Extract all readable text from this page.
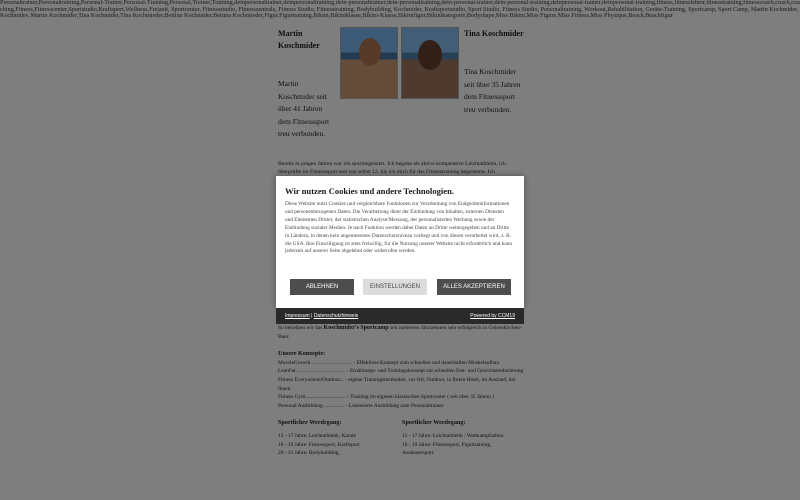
Personaltrainer,Personaltraining,Personal-Trainer,Personal-Training,Personal,Trainer,Training,deinpersonaltrainer,deinpersonaltraining,dein-personaltrainer,dein-personaltraining,dein-personal-trainer,dein-personal-training,deinpersonal-trainer,deinpersonal-training,fitness,fitnesslehrer,fitnesstraining,fitnesscoach,coach,coaching,Fitness,Fitnesscenter,Sportstudio,Kraftsport,Wellness,Freizeit, Sportcenter, Fitnessstudio, Fitnesszentrale, Fitness Studio, Fitnesstraining, Bodybuilding, Kochmider, Kraftsportstudio, Sport Studio, Fitness Studio, Personaltraining, Workout,Rehabilitation, Geräte-Training, Sportcamp, Sport Camp, Martin Kochmider, Kochmider, Martin Kochmider,Tina Kochmider,Tina Kochmieder,Bettina Kochmider,Bettina Kochmieder,Figur,Figurtraining,Bikini,Bikiniklasse,Bikini-Klasse,Bikinifigur,Bikinikategorie,Bodyshape,Miss Bikini,Miss Figure,Miss Fitness,Miss Physique,Beach,Beachfigur
Martin Koschmider
Martin Koschmider seit über 41 Jahren dem Fitnesssport treu verbunden.
Tina Koschmider
Tina Koschmider seit über 35 Jahren dem Fitnesssport treu verbunden.
Bereits in jungen Jahren war ich sportbegeistert. Ich begann als aktive kompetative Leichtathletin, ich überprüfte im Fitnesssport und war selbst 12. bis ich mich für das Fitnesstraining begeisterte. Ich
So betreiben wir das Koschmider's Sportcamp seit mehreren Jahrzehnten sehr erfolgreich in Gelsenkirchen- Buer.
Unsere Konzepte:
MuscleGrowth............................... - Effektives Konzept zum schnellen und dauerhaften Muskelaufbau
LeanFat..................................... - Ernährungs- und Trainingskonzept zur schnellen Fett- und Gewichtsreduzierung
Fitness Everywhere/Outdoor... - eigene Trainingsmethoden, vor Ort, Outdoor, in Ihrem Hotel, im Ausland, bei Ihnen.
Fitness Gym.............................. - Training im eigenen klassischen Sportcenter ( seit über 35 Jahren )
Personal Ausbildung ............... - Lizensierte Ausbildung zum Personaltrainer
Sportlicher Werdegang:	Sportlicher Werdegang:
12 - 17 Jahre: Leichtathletik, Karate	12 - 17 Jahre: Leichtathletik / Wettkampfsaltou
18 - 19 Jahre: Fitnesssport, Kraftsport	18 - 19 Jahre: Fitnesssport, Figurtraining,
20 - 31 Jahre: Bodybuilding,	Ausdauersport
Wir nutzen Cookies und andere Technologien.

Diese Website nutzt Cookies und vergleichbare Funktionen zur Verarbeitung von Endgeräteinformationen und personenbezogenen Daten. Die Verarbeitung dient der Einbindung von Inhalten, externen Diensten und Elementen Dritter, der statistischen Analyse/Messung, der personalisierten Werbung sowie der Einbindung sozialer Medien. Je nach Funktion werden dabei Daten an Dritte weitergegeben und an Dritte in Ländern, in denen kein angemessenes Datenschutzniveau vorliegt und von diesen verarbeitet wird, z. B. die USA. Ihre Einwilligung ist stets freiwillig, für die Nutzung unserer Website nicht erforderlich und kann jederzeit auf unserer Seite abgelehnt oder widerrufen werden.

ABLEHNEN	EINSTELLUNGEN	ALLES AKZEPTIEREN
Impressum | Datenschutzhinweis	Powered by CCM19
